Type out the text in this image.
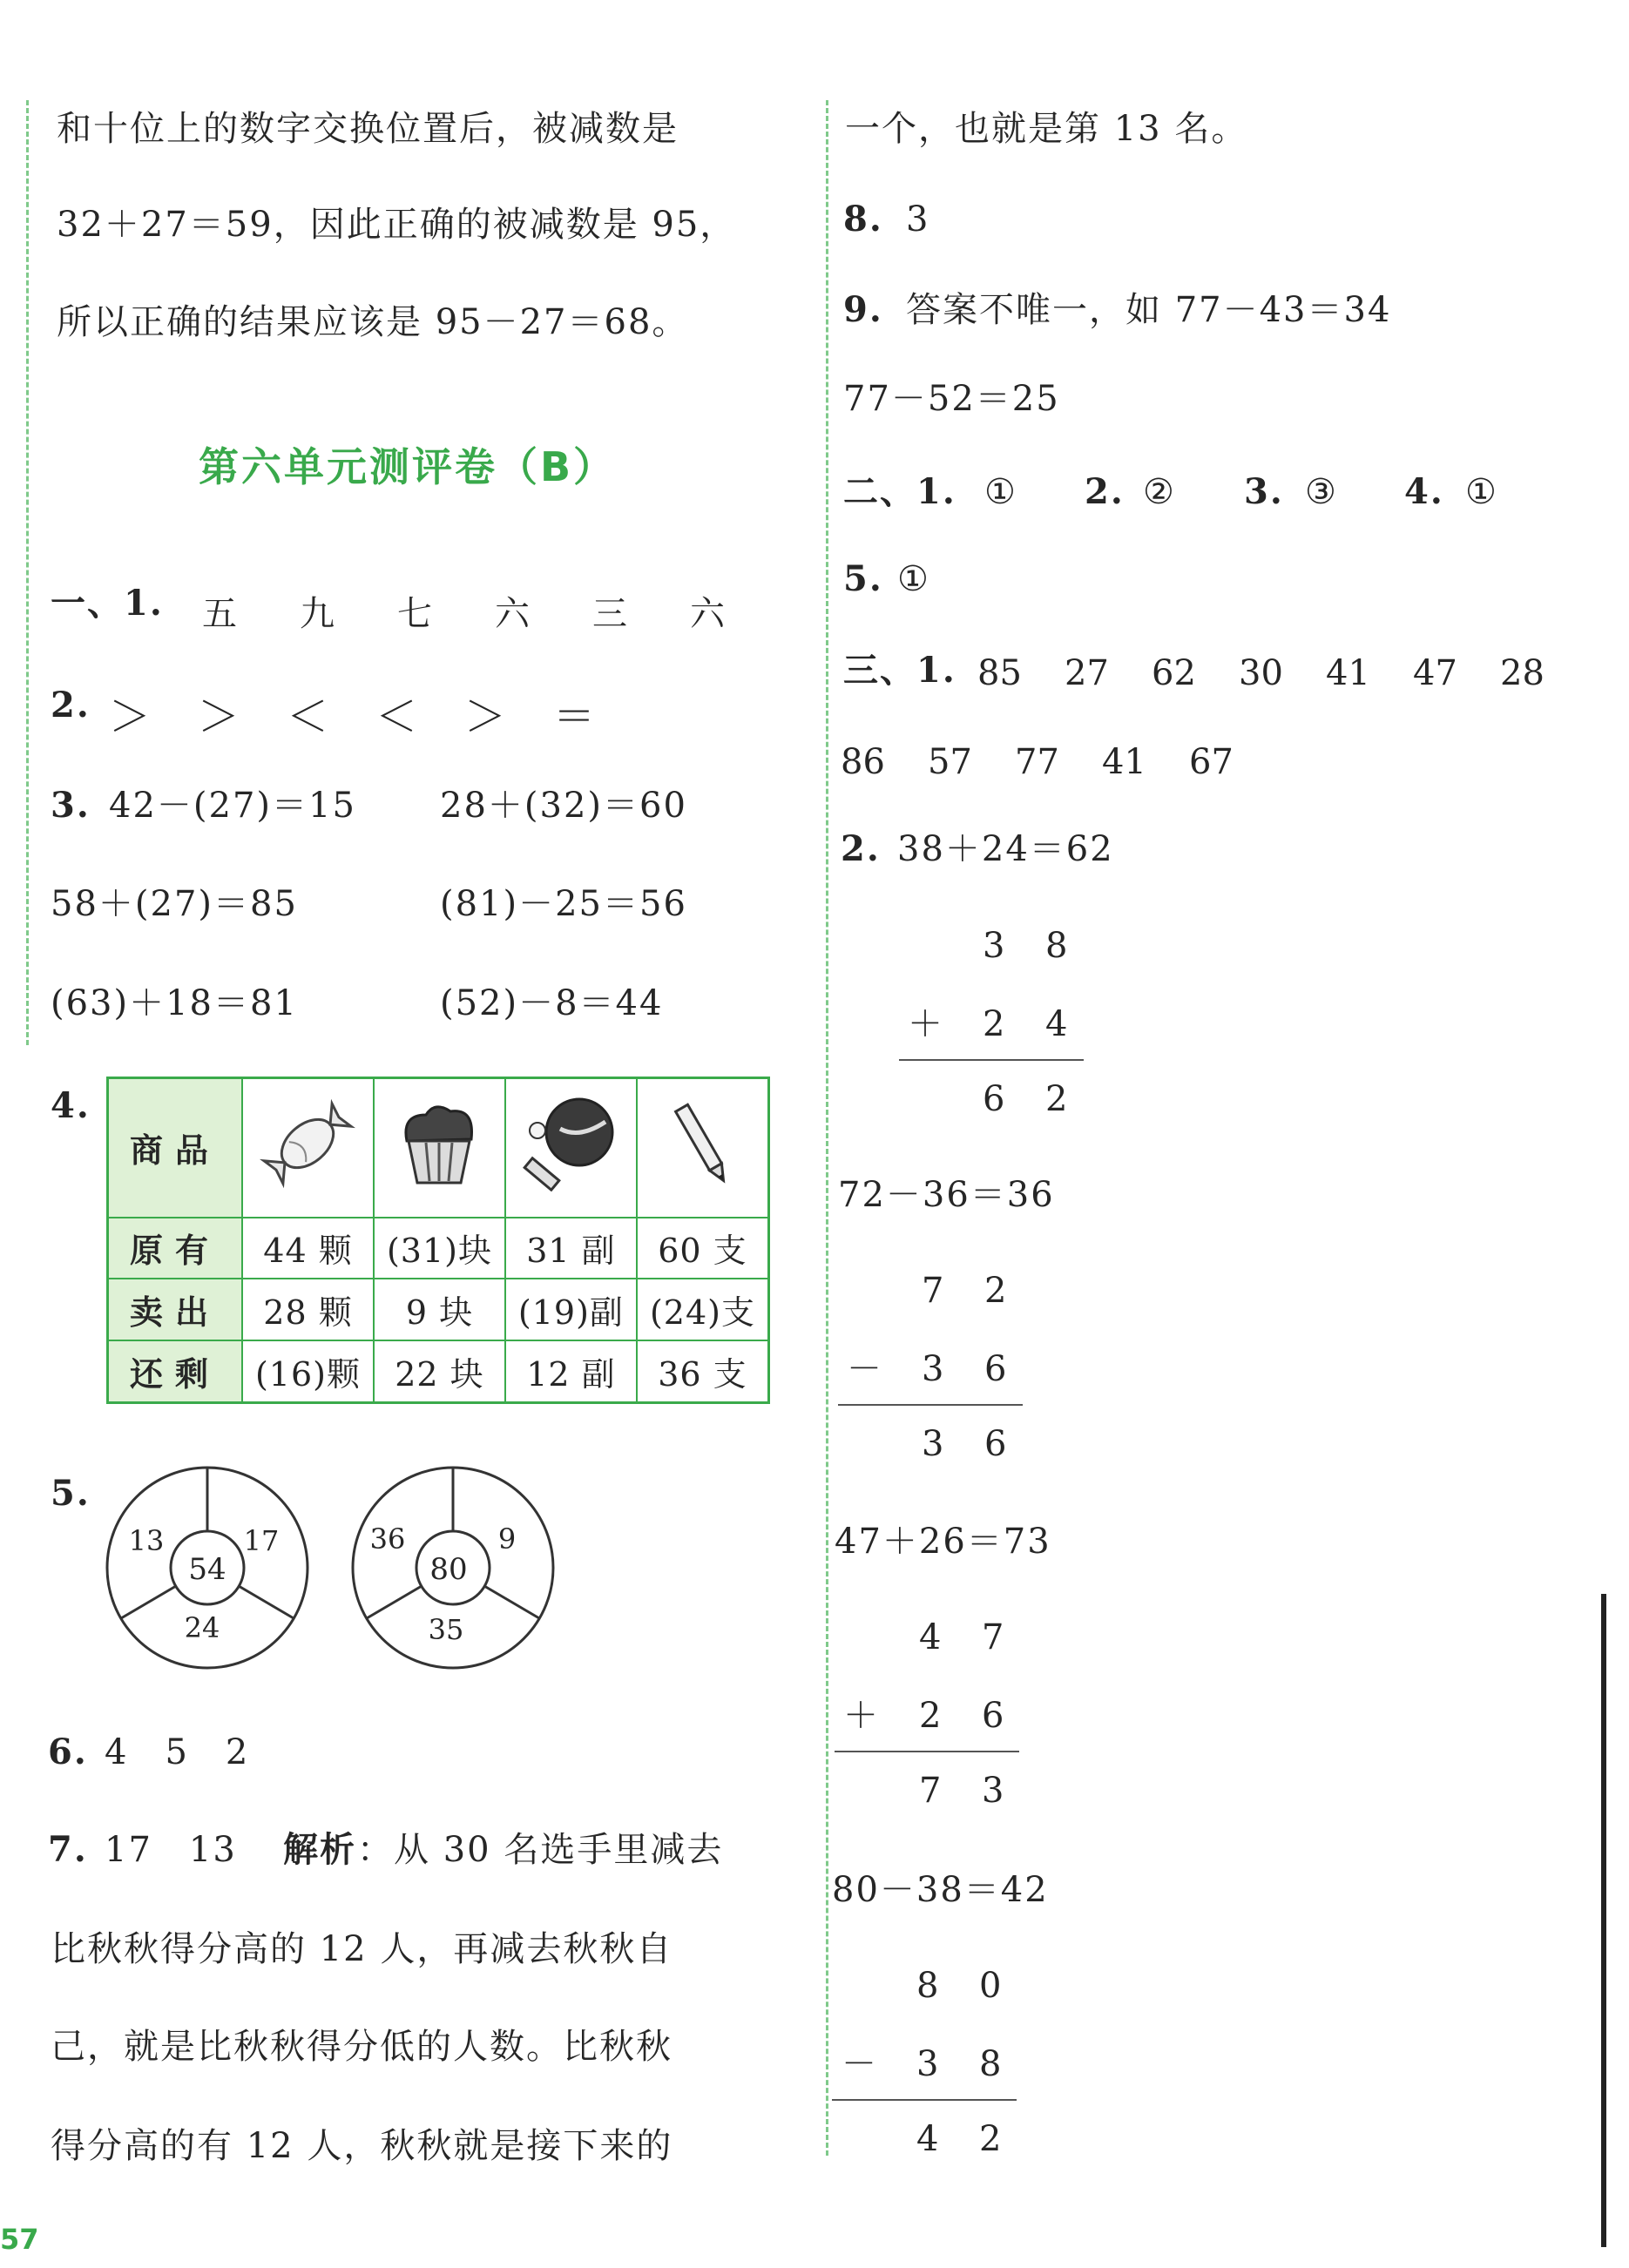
和十位上的数字交换位置后，被减数是
32＋27＝59，因此正确的被减数是 95，
所以正确的结果应该是 95－27＝68。
第六单元测评卷（B）
一、1. 五	九	七	六	三	六
2. ＞	＞	＜	＜	＞	＝
3. 42－(27)＝15 28＋(32)＝60
58＋(27)＝85	(81)－25＝56
(63)＋18＝81	(52)－8＝44
4.
商品				
原有	44 颗	(31)块	31 副	60 支
卖出	28 颗	9 块	(19)副	(24)支
还剩	(16)颗	22 块	12 副	36 支
5.
54
13	17
24
80
36	9
35
6. 4　5　2
7. 17　13 解析 ：从 30 名选手里减去
比秋秋得分高的 12 人，再减去秋秋自
己，就是比秋秋得分低的人数。比秋秋
得分高的有 12 人，秋秋就是接下来的
57
一个，也就是第 13 名。
8. 3
9. 答案不唯一，如 77－43＝34
77－52＝25
二、1. ① 2. ② 3. ③ 4. ①
5. ①
三、1. 85	27	62	30	41	47	28
86	57	77	41	67
2. 38＋24＝62
3 8
＋ 2 4
6 2
72－36＝36
7 2
－ 3 6
3 6
47＋26＝73
4 7
＋ 2 6
7 3
80－38＝42
8 0
－ 3 8
4 2
